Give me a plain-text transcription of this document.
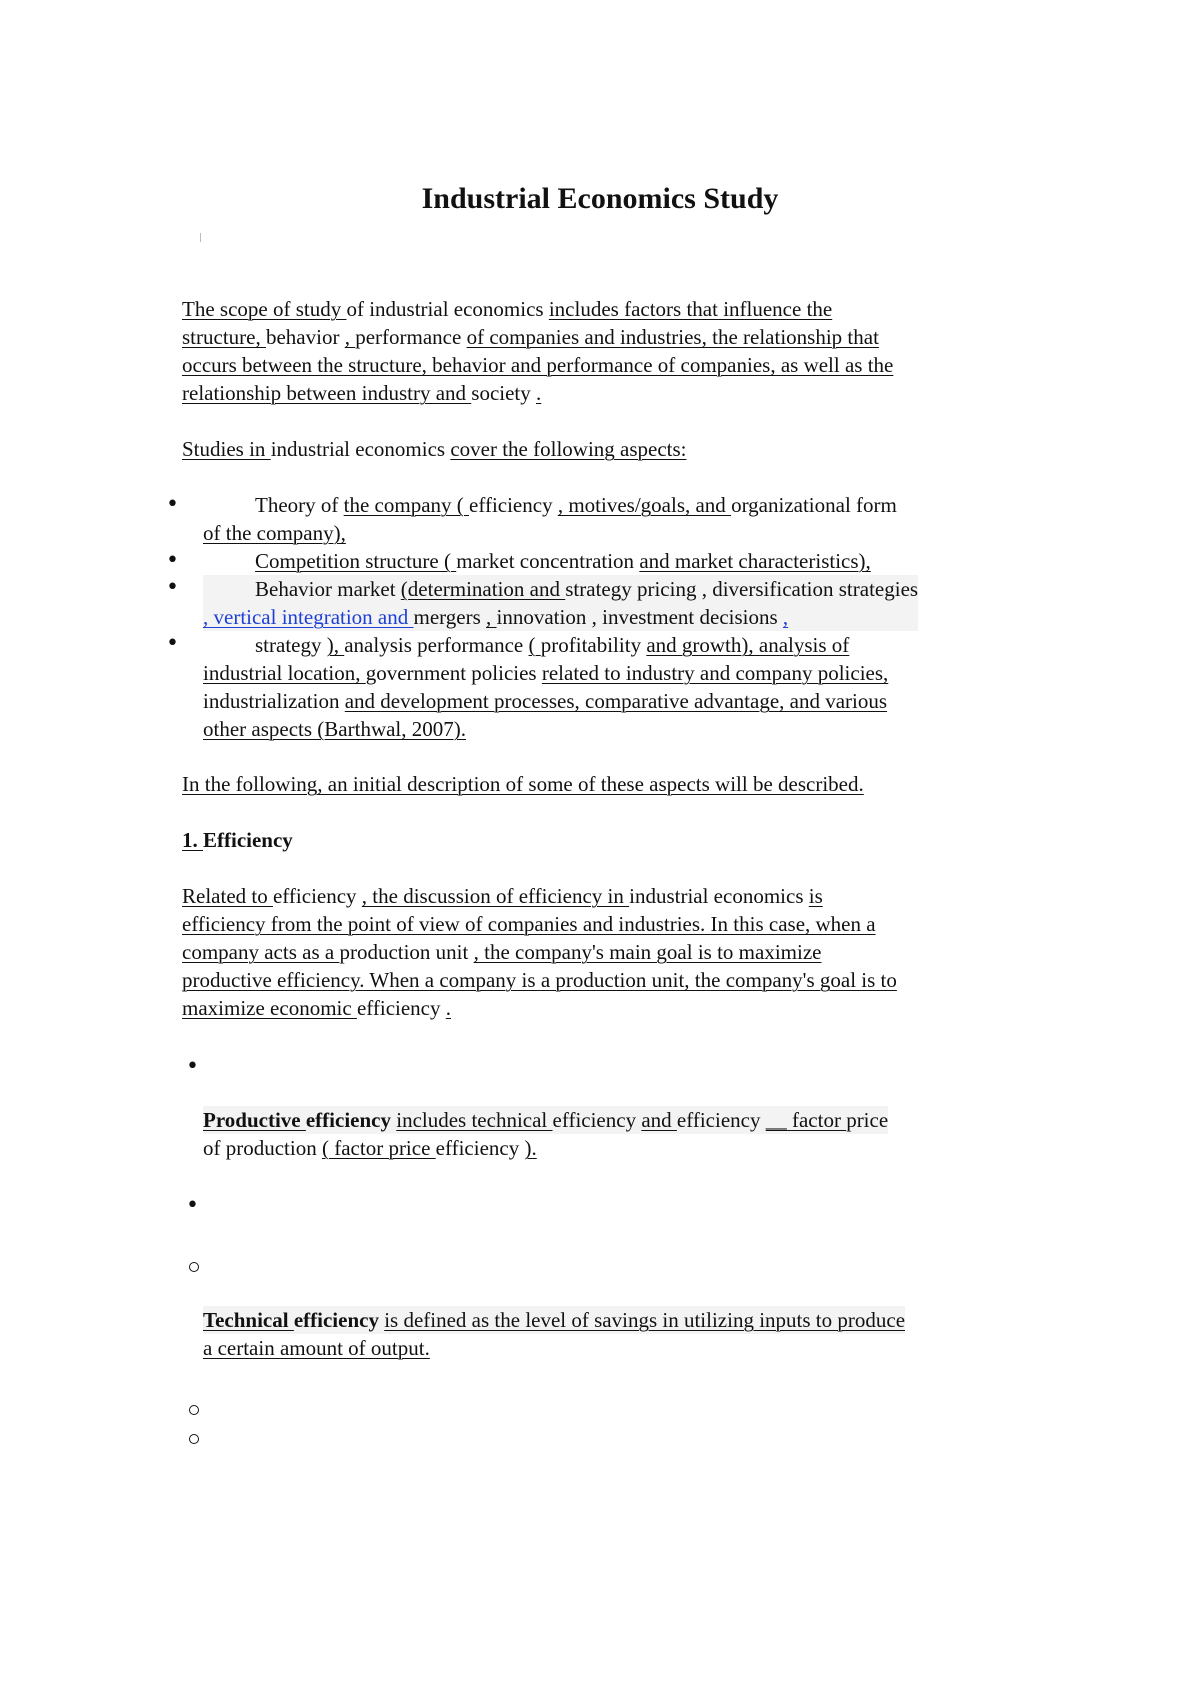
Industrial Economics Study
The scope of study of industrial economics includes factors that influence the
structure, behavior , performance of companies and industries, the relationship that
occurs between the structure, behavior and performance of companies, as well as the
relationship between industry and society .
Studies in industrial economics cover the following aspects:
•
•
•
•
Theory of the company ( efficiency , motives/goals, and organizational form
of the company),
Competition structure ( market concentration and market characteristics),
Behavior market (determination and strategy pricing , diversification strategies
, vertical integration and mergers , innovation , investment decisions ,
strategy ), analysis performance ( profitability and growth), analysis of
industrial location, government policies related to industry and company policies,
industrialization and development processes, comparative advantage, and various
other aspects (Barthwal, 2007).
In the following, an initial description of some of these aspects will be described.
1. Efficiency
Related to efficiency , the discussion of efficiency in industrial economics is
efficiency from the point of view of companies and industries. In this case, when a
company acts as a production unit , the company's main goal is to maximize
productive efficiency. When a company is a production unit, the company's goal is to
maximize economic efficiency .
•
Productive efficiency includes technical efficiency and efficiency __ factor price
of production ( factor price efficiency ).
•
Technical efficiency is defined as the level of savings in utilizing inputs to produce
a certain amount of output.
